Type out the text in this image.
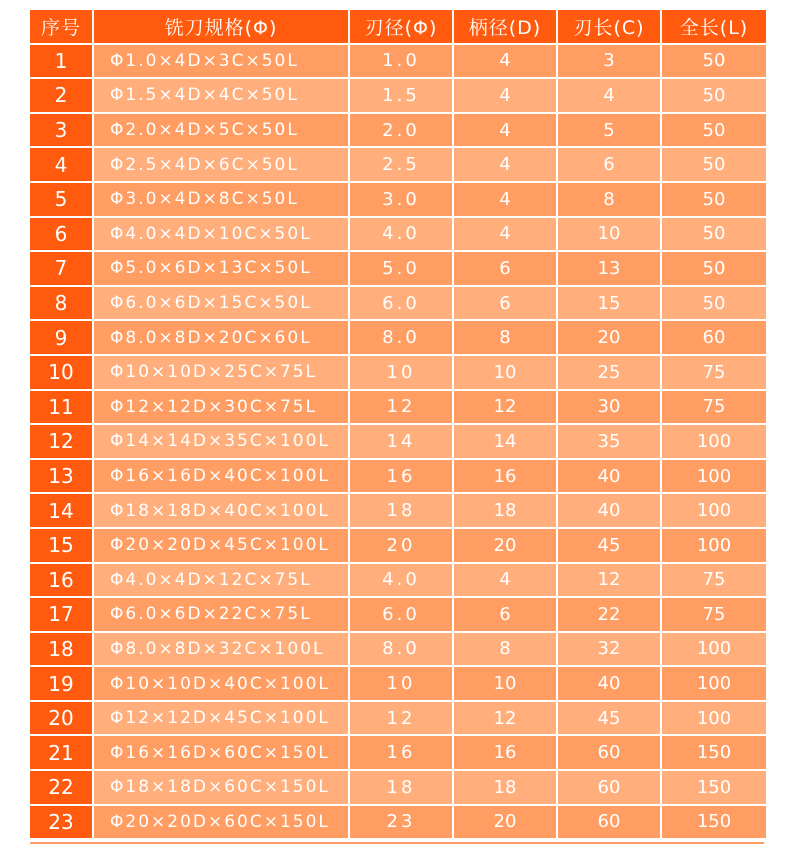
序号	铣刀规格(Φ)	刃径(Φ)	柄径(D)	刃长(C)	全长(L)
1	Φ1.0×4D×3C×50L	1.0	4	3	50
2	Φ1.5×4D×4C×50L	1.5	4	4	50
3	Φ2.0×4D×5C×50L	2.0	4	5	50
4	Φ2.5×4D×6C×50L	2.5	4	6	50
5	Φ3.0×4D×8C×50L	3.0	4	8	50
6	Φ4.0×4D×10C×50L	4.0	4	10	50
7	Φ5.0×6D×13C×50L	5.0	6	13	50
8	Φ6.0×6D×15C×50L	6.0	6	15	50
9	Φ8.0×8D×20C×60L	8.0	8	20	60
10	Φ10×10D×25C×75L	10	10	25	75
11	Φ12×12D×30C×75L	12	12	30	75
12	Φ14×14D×35C×100L	14	14	35	100
13	Φ16×16D×40C×100L	16	16	40	100
14	Φ18×18D×40C×100L	18	18	40	100
15	Φ20×20D×45C×100L	20	20	45	100
16	Φ4.0×4D×12C×75L	4.0	4	12	75
17	Φ6.0×6D×22C×75L	6.0	6	22	75
18	Φ8.0×8D×32C×100L	8.0	8	32	100
19	Φ10×10D×40C×100L	10	10	40	100
20	Φ12×12D×45C×100L	12	12	45	100
21	Φ16×16D×60C×150L	16	16	60	150
22	Φ18×18D×60C×150L	18	18	60	150
23	Φ20×20D×60C×150L	23	20	60	150
